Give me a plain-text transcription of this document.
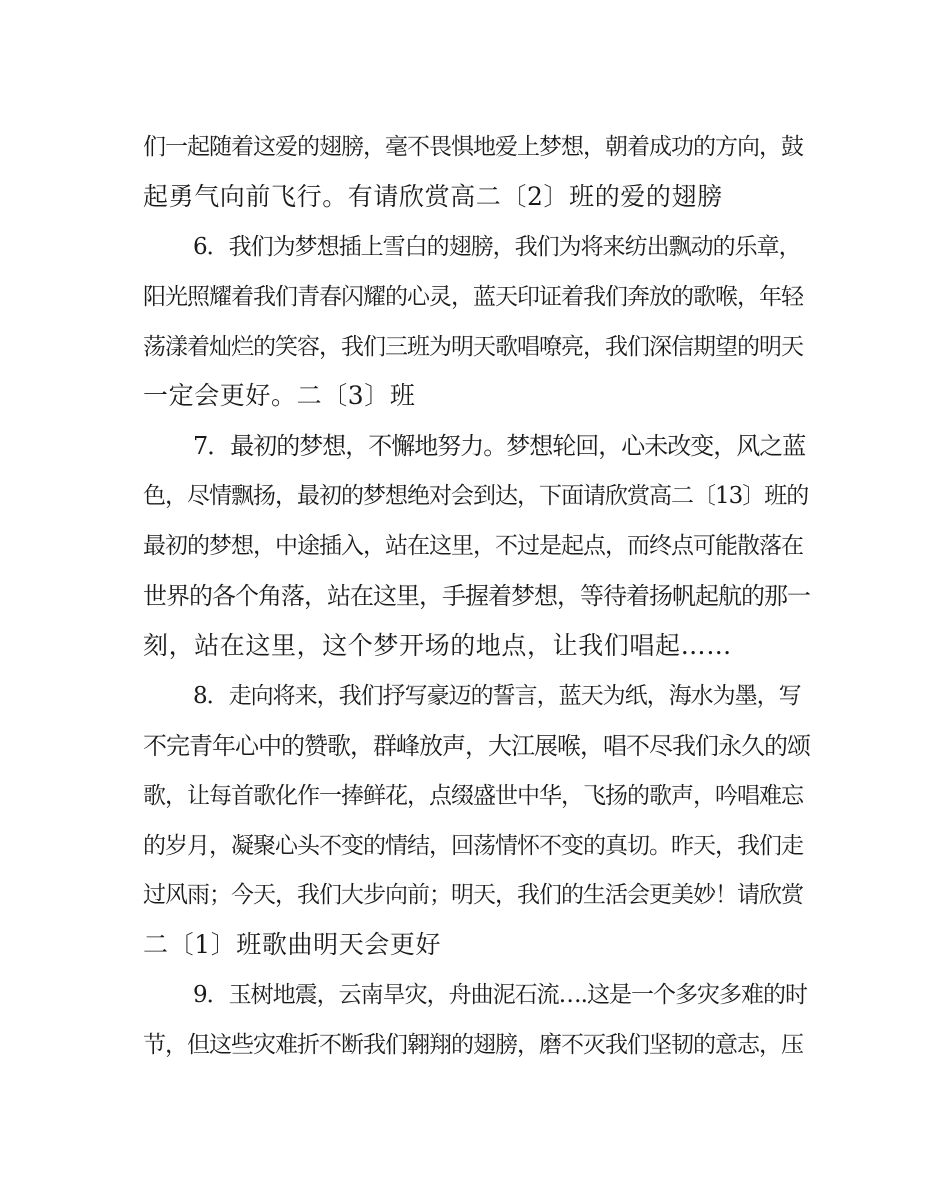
们一起随着这爱的翅膀，毫不畏惧地爱上梦想，朝着成功的方向，鼓
起勇气向前飞行。有请欣赏高二〔2〕班的爱的翅膀
6．我们为梦想插上雪白的翅膀，我们为将来纺出飘动的乐章，
阳光照耀着我们青春闪耀的心灵，蓝天印证着我们奔放的歌喉，年轻
荡漾着灿烂的笑容，我们三班为明天歌唱嘹亮，我们深信期望的明天
一定会更好。二〔3〕班
7．最初的梦想，不懈地努力。梦想轮回，心未改变，风之蓝
色，尽情飘扬，最初的梦想绝对会到达，下面请欣赏高二〔13〕班的
最初的梦想，中途插入，站在这里，不过是起点，而终点可能散落在
世界的各个角落，站在这里，手握着梦想，等待着扬帆起航的那一
刻，站在这里，这个梦开场的地点，让我们唱起……
8．走向将来，我们抒写豪迈的誓言，蓝天为纸，海水为墨，写
不完青年心中的赞歌，群峰放声，大江展喉，唱不尽我们永久的颂
歌，让每首歌化作一捧鲜花，点缀盛世中华，飞扬的歌声，吟唱难忘
的岁月，凝聚心头不变的情结，回荡情怀不变的真切。昨天，我们走
过风雨；今天，我们大步向前；明天，我们的生活会更美妙！请欣赏
二〔1〕班歌曲明天会更好
9．玉树地震，云南旱灾，舟曲泥石流….这是一个多灾多难的时
节，但这些灾难折不断我们翱翔的翅膀，磨不灭我们坚韧的意志，压
